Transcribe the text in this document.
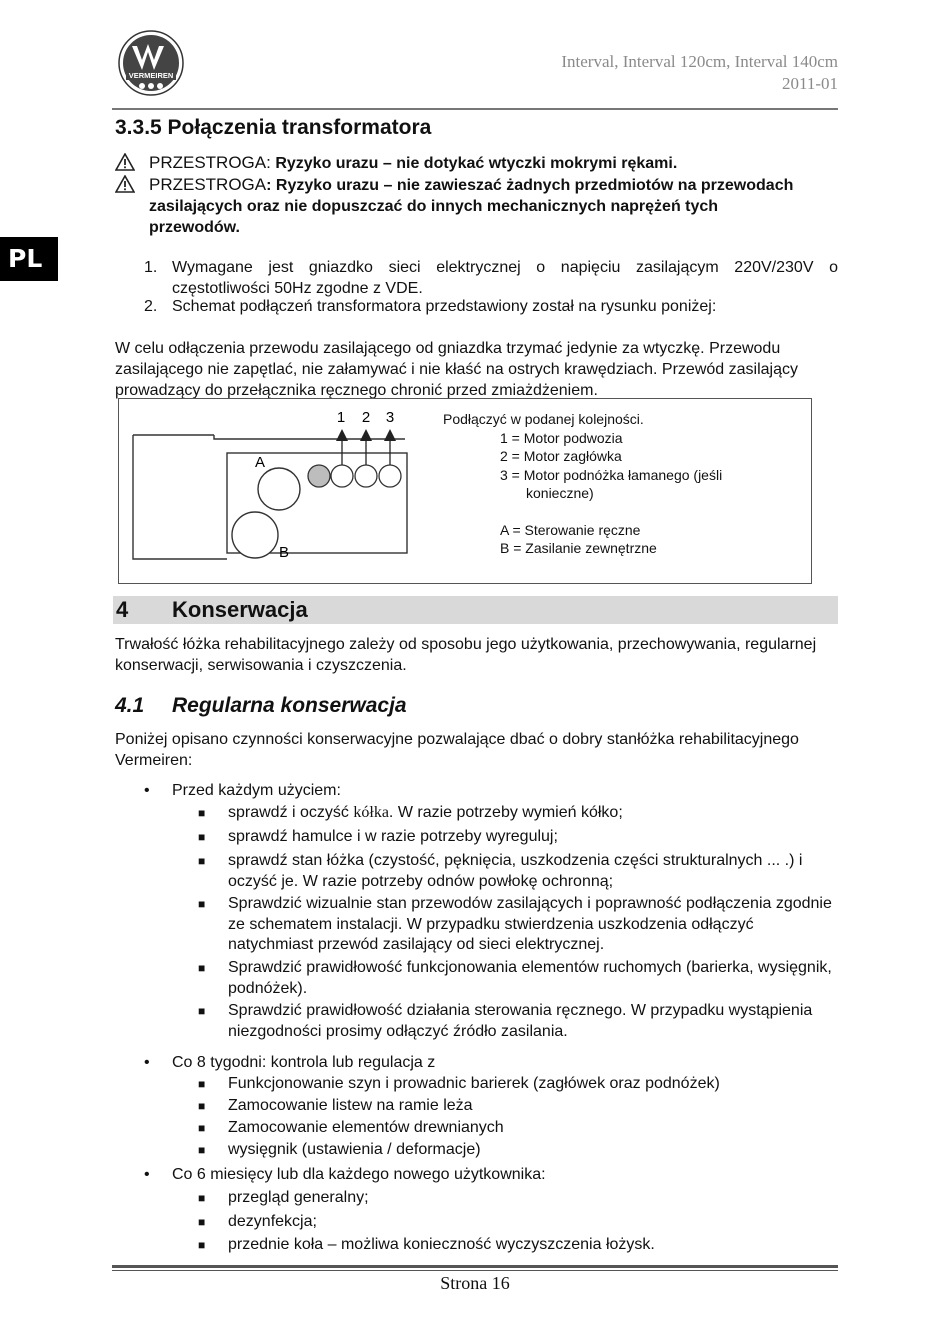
VERMEIREN
Interval, Interval 120cm, Interval 140cm
2011-01
PL
3.3.5 Połączenia transformatora
PRZESTROGA: Ryzyko urazu – nie dotykać wtyczki mokrymi rękami.
PRZESTROGA: Ryzyko urazu – nie zawieszać żadnych przedmiotów na przewodach zasilających oraz nie dopuszczać do innych mechanicznych naprężeń tych przewodów.
1. Wymagane jest gniazdko sieci elektrycznej o napięciu zasilającym 220V/230V o częstotliwości 50Hz zgodne z VDE.
2. Schemat podłączeń transformatora przedstawiony został na rysunku poniżej:
W celu odłączenia przewodu zasilającego od gniazdka trzymać jedynie za wtyczkę. Przewodu zasilającego nie zapętlać, nie załamywać i nie kłaść na ostrych krawędziach. Przewód zasilający prowadzący do przełącznika ręcznego chronić przed zmiażdżeniem.
1 2 3
A
B
Podłączyć w podanej kolejności.
1 = Motor podwozia
2 = Motor zagłówka
3 = Motor podnóżka łamanego (jeśli
konieczne)
A = Sterowanie ręczne
B = Zasilanie zewnętrzne
4 Konserwacja
Trwałość łóżka rehabilitacyjnego zależy od sposobu jego użytkowania, przechowywania, regularnej konserwacji, serwisowania i czyszczenia.
4.1 Regularna konserwacja
Poniżej opisano czynności konserwacyjne pozwalające dbać o dobry stanłóżka rehabilitacyjnego Vermeiren:
• Przed każdym użyciem:
■ sprawdź i oczyść kółka. W razie potrzeby wymień kółko;
■ sprawdź hamulce i w razie potrzeby wyreguluj;
■ sprawdź stan łóżka (czystość, pęknięcia, uszkodzenia części strukturalnych ... .) i oczyść je. W razie potrzeby odnów powłokę ochronną;
■ Sprawdzić wizualnie stan przewodów zasilających i poprawność podłączenia zgodnie ze schematem instalacji. W przypadku stwierdzenia uszkodzenia odłączyć natychmiast przewód zasilający od sieci elektrycznej.
■ Sprawdzić prawidłowość funkcjonowania elementów ruchomych (barierka, wysięgnik, podnóżek).
■ Sprawdzić prawidłowość działania sterowania ręcznego. W przypadku wystąpienia niezgodności prosimy odłączyć źródło zasilania.
• Co 8 tygodni: kontrola lub regulacja z
■ Funkcjonowanie szyn i prowadnic barierek (zagłówek oraz podnóżek)
■ Zamocowanie listew na ramie leża
■ Zamocowanie elementów drewnianych
■ wysięgnik (ustawienia / deformacje)
• Co 6 miesięcy lub dla każdego nowego użytkownika:
■ przegląd generalny;
■ dezynfekcja;
■ przednie koła – możliwa konieczność wyczyszczenia łożysk.
Strona 16
